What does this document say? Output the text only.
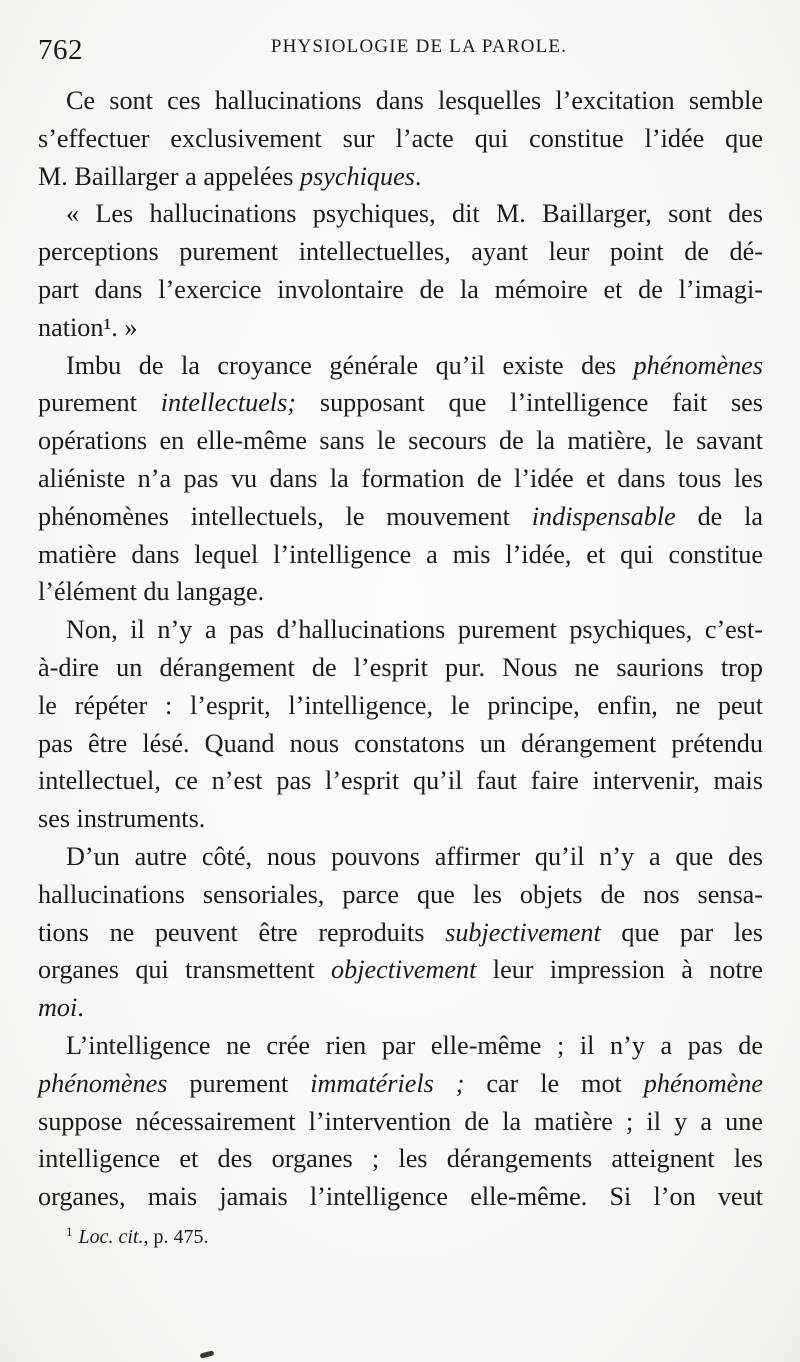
762	PHYSIOLOGIE DE LA PAROLE.
Ce sont ces hallucinations dans lesquelles l’excitation semble
s’effectuer exclusivement sur l’acte qui constitue l’idée que
M. Baillarger a appelées psychiques.
« Les hallucinations psychiques, dit M. Baillarger, sont des
perceptions purement intellectuelles, ayant leur point de dé-
part dans l’exercice involontaire de la mémoire et de l’imagi-
nation¹. »
Imbu de la croyance générale qu’il existe des phénomènes
purement intellectuels; supposant que l’intelligence fait ses
opérations en elle-même sans le secours de la matière, le savant
aliéniste n’a pas vu dans la formation de l’idée et dans tous les
phénomènes intellectuels, le mouvement indispensable de la
matière dans lequel l’intelligence a mis l’idée, et qui constitue
l’élément du langage.
Non, il n’y a pas d’hallucinations purement psychiques, c’est-
à-dire un dérangement de l’esprit pur. Nous ne saurions trop
le répéter : l’esprit, l’intelligence, le principe, enfin, ne peut
pas être lésé. Quand nous constatons un dérangement prétendu
intellectuel, ce n’est pas l’esprit qu’il faut faire intervenir, mais
ses instruments.
D’un autre côté, nous pouvons affirmer qu’il n’y a que des
hallucinations sensoriales, parce que les objets de nos sensa-
tions ne peuvent être reproduits subjectivement que par les
organes qui transmettent objectivement leur impression à notre
moi.
L’intelligence ne crée rien par elle-même ; il n’y a pas de
phénomènes purement immatériels ; car le mot phénomène
suppose nécessairement l’intervention de la matière ; il y a une
intelligence et des organes ; les dérangements atteignent les
organes, mais jamais l’intelligence elle-même. Si l’on veut
$^1$ Loc. cit., p. 475.
